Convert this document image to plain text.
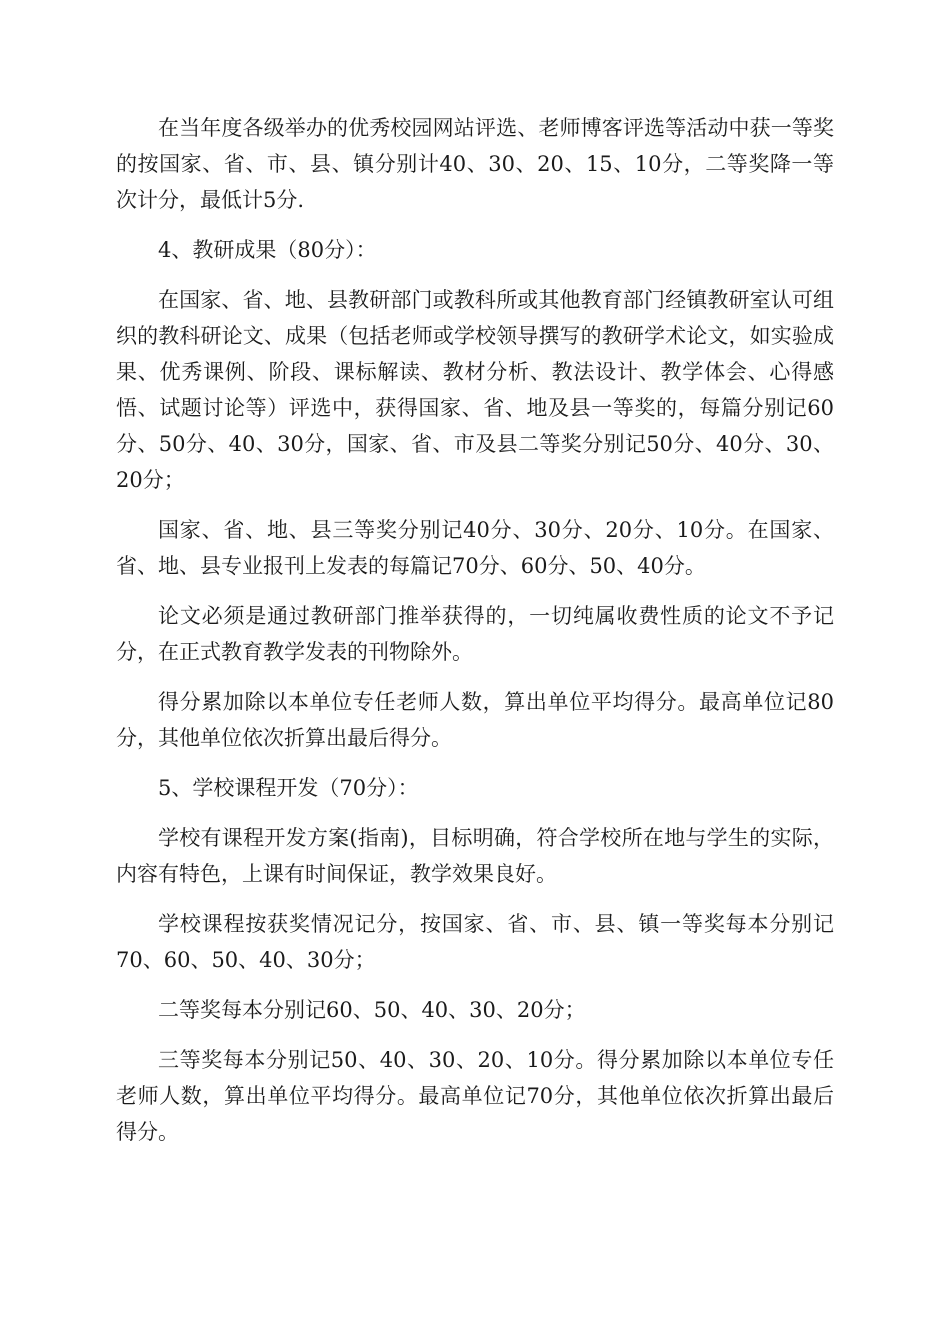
在当年度各级举办的优秀校园网站评选、老师博客评选等活动中获一等奖的按国家、省、市、县、镇分别计40、30、20、15、10分，二等奖降一等次计分，最低计5分.

4、教研成果（80分）：

在国家、省、地、县教研部门或教科所或其他教育部门经镇教研室认可组织的教科研论文、成果（包括老师或学校领导撰写的教研学术论文，如实验成果、优秀课例、阶段、课标解读、教材分析、教法设计、教学体会、心得感悟、试题讨论等）评选中，获得国家、省、地及县一等奖的，每篇分别记60分、50分、40、30分，国家、省、市及县二等奖分别记50分、40分、30、20分；

国家、省、地、县三等奖分别记40分、30分、20分、10分。在国家、省、地、县专业报刊上发表的每篇记70分、60分、50、40分。

论文必须是通过教研部门推举获得的，一切纯属收费性质的论文不予记分，在正式教育教学发表的刊物除外。

得分累加除以本单位专任老师人数，算出单位平均得分。最高单位记80分，其他单位依次折算出最后得分。

5、学校课程开发（70分）：

学校有课程开发方案(指南)，目标明确，符合学校所在地与学生的实际，内容有特色，上课有时间保证，教学效果良好。

学校课程按获奖情况记分，按国家、省、市、县、镇一等奖每本分别记70、60、50、40、30分；

二等奖每本分别记60、50、40、30、20分；

三等奖每本分别记50、40、30、20、10分。得分累加除以本单位专任老师人数，算出单位平均得分。最高单位记70分，其他单位依次折算出最后得分。
